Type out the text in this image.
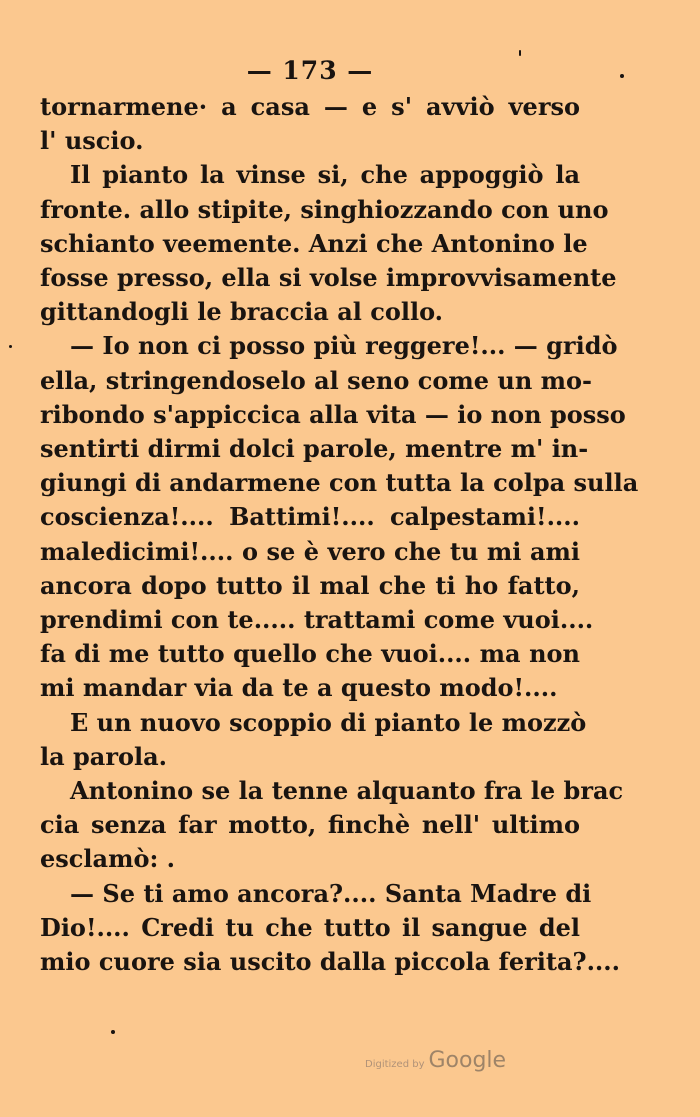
— 173 —
tornarmene· a casa — e s' avviò verso
l' uscio.
Il pianto la vinse si, che appoggiò la
fronte. allo stipite, singhiozzando con uno
schianto veemente. Anzi che Antonino le
fosse presso, ella si volse improvvisamente
gittandogli le braccia al collo.
— Io non ci posso più reggere!... — gridò
ella, stringendoselo al seno come un mo-
ribondo s'appiccica alla vita — io non posso
sentirti dirmi dolci parole, mentre m' in-
giungi di andarmene con tutta la colpa sulla
coscienza!.... Battimi!.... calpestami!....
maledicimi!.... o se è vero che tu mi ami
ancora dopo tutto il mal che ti ho fatto,
prendimi con te..... trattami come vuoi....
fa di me tutto quello che vuoi.... ma non
mi mandar via da te a questo modo!....
E un nuovo scoppio di pianto le mozzò
la parola.
Antonino se la tenne alquanto fra le brac
cia senza far motto, finchè nell' ultimo
esclamò: .
— Se ti amo ancora?.... Santa Madre di
Dio!.... Credi tu che tutto il sangue del
mio cuore sia uscito dalla piccola ferita?....
Digitized by Google
